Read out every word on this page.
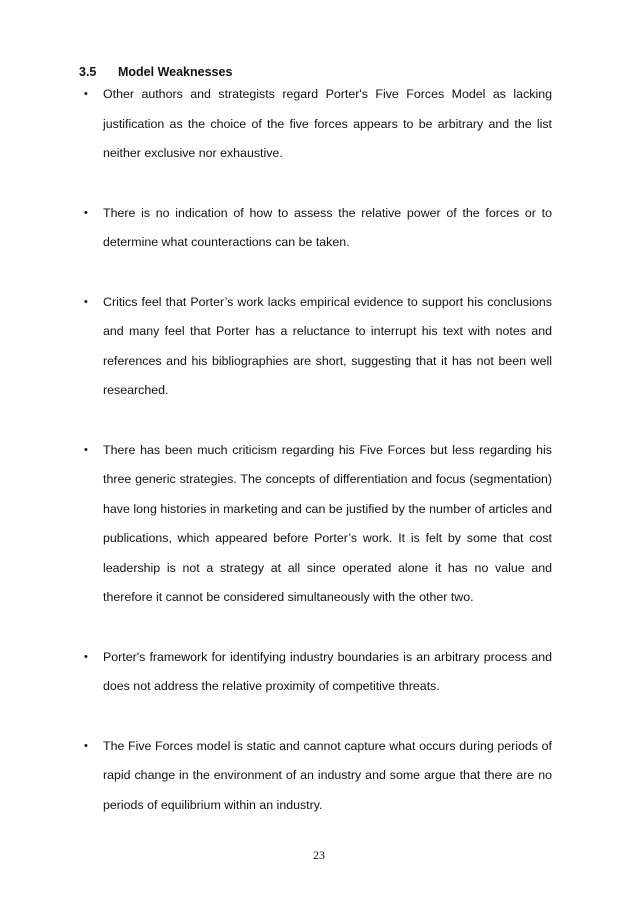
3.5	Model Weaknesses
• Other authors and strategists regard Porter's Five Forces Model as lacking justification as the choice of the five forces appears to be arbitrary and the list neither exclusive nor exhaustive.
• There is no indication of how to assess the relative power of the forces or to determine what counteractions can be taken.
• Critics feel that Porter’s work lacks empirical evidence to support his conclusions and many feel that Porter has a reluctance to interrupt his text with notes and references and his bibliographies are short, suggesting that it has not been well researched.
• There has been much criticism regarding his Five Forces but less regarding his three generic strategies. The concepts of differentiation and focus (segmentation) have long histories in marketing and can be justified by the number of articles and publications, which appeared before Porter’s work. It is felt by some that cost leadership is not a strategy at all since operated alone it has no value and therefore it cannot be considered simultaneously with the other two.
• Porter's framework for identifying industry boundaries is an arbitrary process and does not address the relative proximity of competitive threats.
• The Five Forces model is static and cannot capture what occurs during periods of rapid change in the environment of an industry and some argue that there are no periods of equilibrium within an industry.
23
